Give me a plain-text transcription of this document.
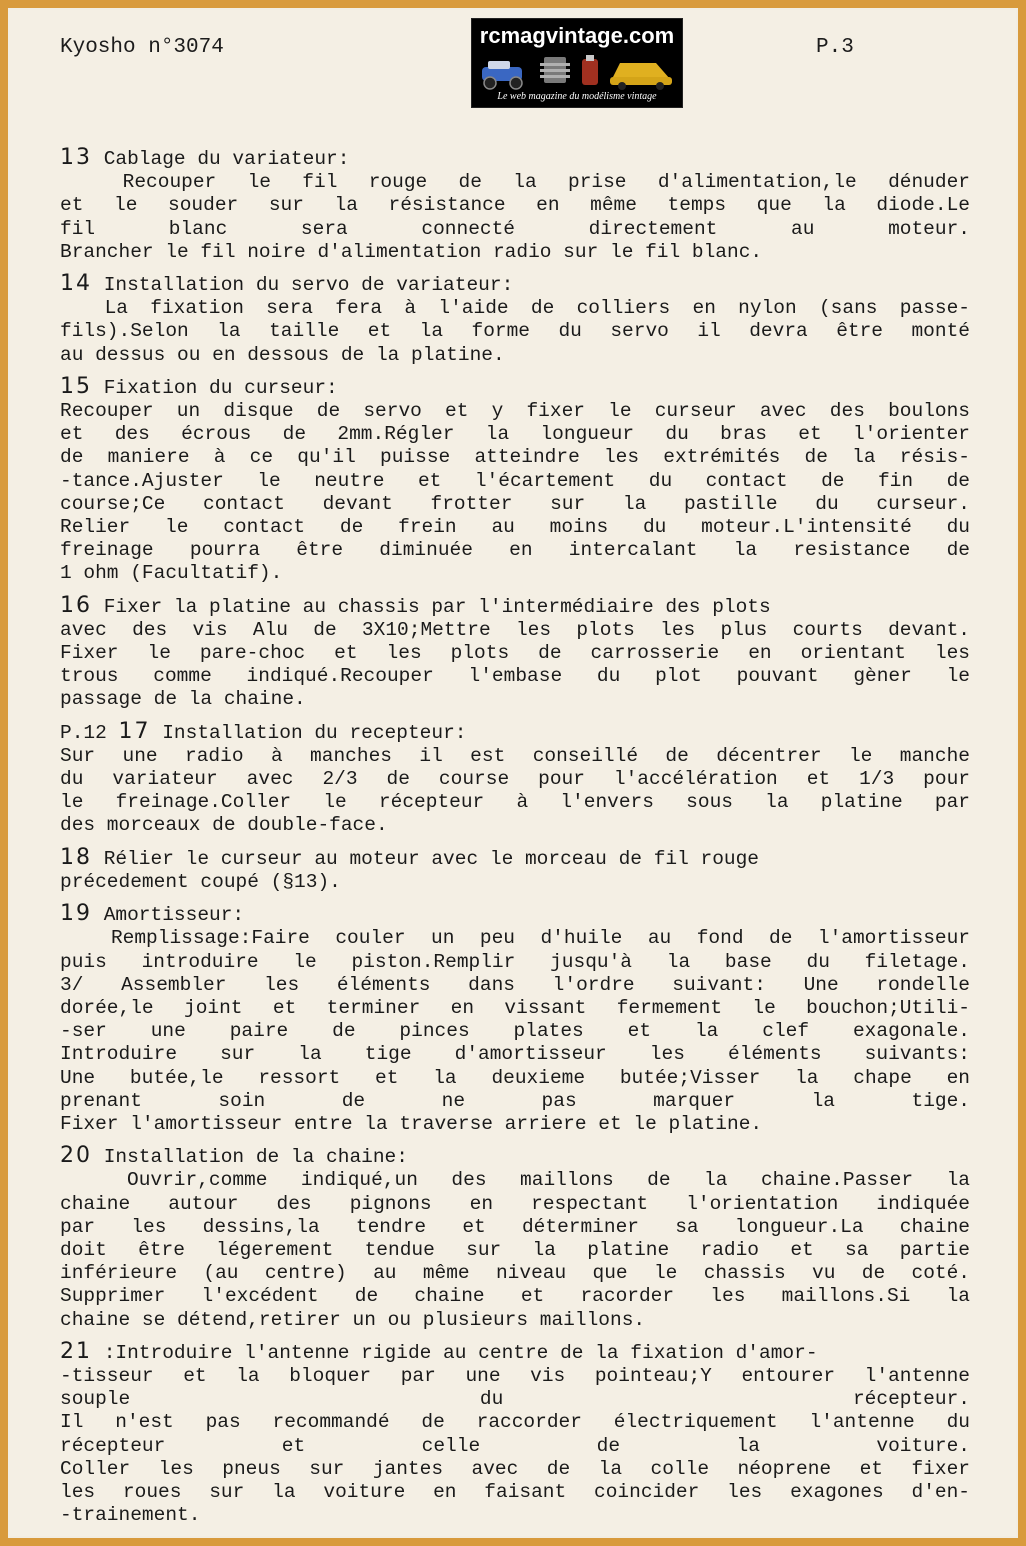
Kyosho n°3074	P.3
rcmagvintage.com
Le web magazine du modélisme vintage
13 Cablage du variateur:
Recouper le fil rouge de la prise d'alimentation,le dénuder
et le souder sur la résistance en même temps que la diode.Le
fil blanc sera connecté directement au moteur.
Brancher le fil noire d'alimentation radio sur le fil blanc.
14 Installation du servo de variateur:
La fixation sera fera à l'aide de colliers en nylon (sans passe-
fils).Selon la taille et la forme du servo il devra être monté
au dessus ou en dessous de la platine.
15 Fixation du curseur:
Recouper un disque de servo et y fixer le curseur avec des boulons
et des écrous de 2mm.Régler la longueur du bras et l'orienter
de maniere à ce qu'il puisse atteindre les extrémités de la résis-
-tance.Ajuster le neutre et l'écartement du contact de fin de
course;Ce contact devant frotter sur la pastille du curseur.
Relier le contact de frein au moins du moteur.L'intensité du
freinage pourra être diminuée en intercalant la resistance de
1 ohm (Facultatif).
16 Fixer la platine au chassis par l'intermédiaire des plots
avec des vis Alu de 3X10;Mettre les plots les plus courts devant.
Fixer le pare-choc et les plots de carrosserie en orientant les
trous comme indiqué.Recouper l'embase du plot pouvant gèner le
passage de la chaine.
P.12 17 Installation du recepteur:
Sur une radio à manches il est conseillé de décentrer le manche
du variateur avec 2/3 de course pour l'accélération et 1/3 pour
le freinage.Coller le récepteur à l'envers sous la platine par
des morceaux de double-face.
18 Rélier le curseur au moteur avec le morceau de fil rouge
précedement coupé (§13).
19 Amortisseur:
Remplissage:Faire couler un peu d'huile au fond de l'amortisseur
puis introduire le piston.Remplir jusqu'à la base du filetage.
3/ Assembler les éléments dans l'ordre suivant: Une rondelle
dorée,le joint et terminer en vissant fermement le bouchon;Utili-
-ser une paire de pinces plates et la clef exagonale.
Introduire sur la tige d'amortisseur les éléments suivants:
Une butée,le ressort et la deuxieme butée;Visser la chape en
prenant soin de ne pas marquer la tige.
Fixer l'amortisseur entre la traverse arriere et le platine.
20 Installation de la chaine:
Ouvrir,comme indiqué,un des maillons de la chaine.Passer la
chaine autour des pignons en respectant l'orientation indiquée
par les dessins,la tendre et déterminer sa longueur.La chaine
doit être légerement tendue sur la platine radio et sa partie
inférieure (au centre) au même niveau que le chassis vu de coté.
Supprimer l'excédent de chaine et racorder les maillons.Si la
chaine se détend,retirer un ou plusieurs maillons.
21 :Introduire l'antenne rigide au centre de la fixation d'amor-
-tisseur et la bloquer par une vis pointeau;Y entourer l'antenne
souple du récepteur.
Il n'est pas recommandé de raccorder électriquement l'antenne du
récepteur et celle de la voiture.
Coller les pneus sur jantes avec de la colle néoprene et fixer
les roues sur la voiture en faisant coincider les exagones d'en-
-trainement.
